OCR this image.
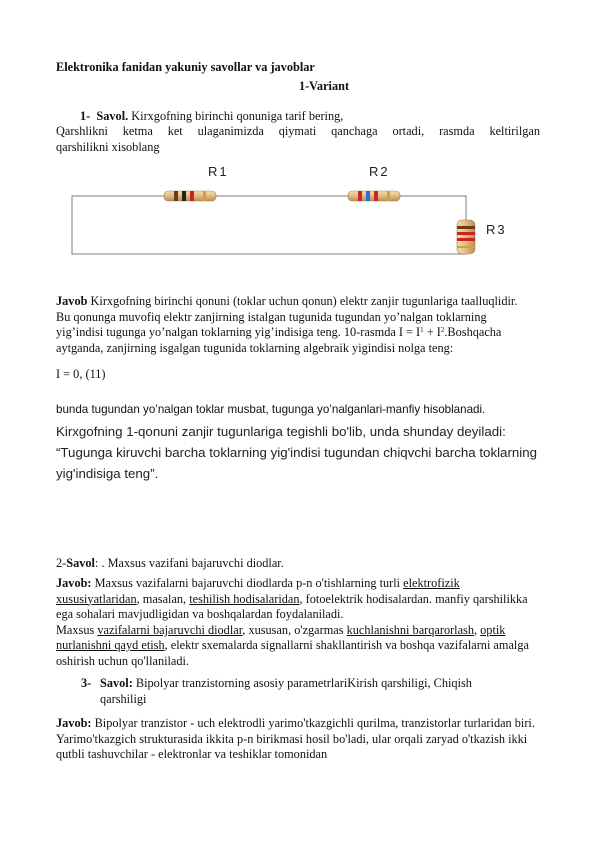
Elektronika fanidan yakuniy savollar va javoblar
1-Variant
1- Savol. Kirxgofning birinchi qonuniga tarif bering,
Qarshlikni ketma ket ulaganimizda qiymati qanchaga ortadi, rasmda keltirilgan
qarshilikni xisoblang
R1	R2
R3
Javob Kirxgofning birinchi qonuni (toklar uchun qonun) elektr zanjir tugunlariga taalluqlidir. Bu qonunga muvofiq elektr zanjirning istalgan tugunida tugundan yo’nalgan toklarning yig’indisi tugunga yo’nalgan toklarning yig’indisiga teng. 10-rasmda $I = I^1$ + $I^2.Boshqacha$ aytganda, zanjirning isgalgan tugunida toklarning algebraik yigindisi nolga teng:
I = 0, (11)
bunda tugundan yo’nalgan toklar musbat, tugunga yo’nalganlari-manfiy hisoblanadi.
Kirxgofning 1-qonuni zanjir tugunlariga tegishli bo'lib, unda shunday deyiladi: “Tugunga kiruvchi barcha toklarning yig'indisi tugundan chiqvchi barcha toklarning yig'indisiga teng”.
2-Savol: . Maxsus vazifani bajaruvchi diodlar.
Javob: Maxsus vazifalarni bajaruvchi diodlarda p-n o'tishlarning turli elektrofizik xususiyatlaridan, masalan, teshilish hodisalaridan, fotoelektrik hodisalardan. manfiy qarshilikka ega sohalari mavjudligidan va boshqalardan foydalaniladi.
Maxsus vazifalarni bajaruvchi diodlar, xususan, o'zgarmas kuchlanishni barqarorlash, optik nurlanishni qayd etish, elektr sxemalarda signallarni shakllantirish va boshqa vazifalarni amalga oshirish uchun qo'llaniladi.
3- Savol: Bipolyar tranzistorning asosiy parametrlariKirish qarshiligi, Chiqish qarshiligi
Javob: Bipolyar tranzistor - uch elektrodli yarimo'tkazgichli qurilma, tranzistorlar turlaridan biri. Yarimo'tkazgich strukturasida ikkita p-n birikmasi hosil bo'ladi, ular orqali zaryad o'tkazish ikki qutbli tashuvchilar - elektronlar va teshiklar tomonidan
